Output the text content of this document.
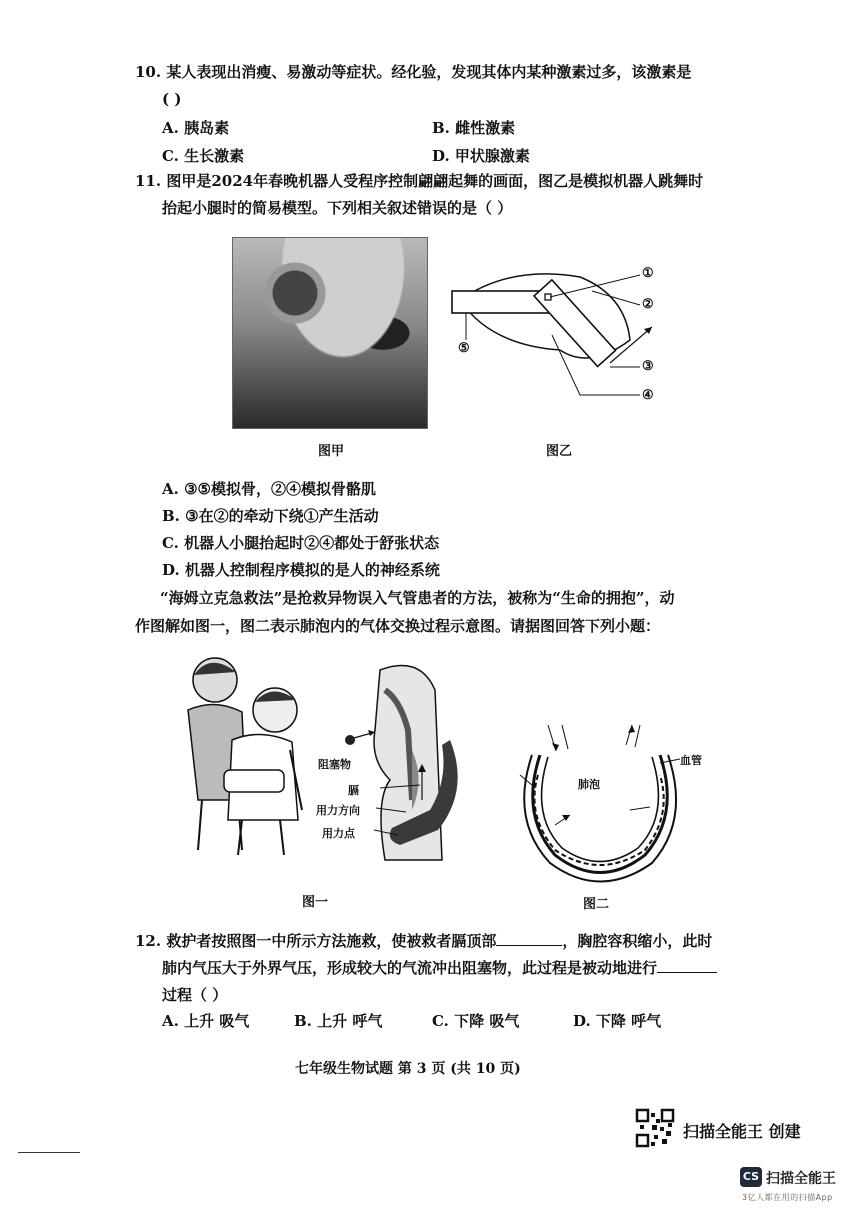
10. 某人表现出消瘦、易激动等症状。经化验，发现其体内某种激素过多，该激素是
( )
A. 胰岛素	B. 雌性激素
C. 生长激素	D. 甲状腺激素
11. 图甲是2024年春晚机器人受程序控制翩翩起舞的画面，图乙是模拟机器人跳舞时
抬起小腿时的简易模型。下列相关叙述错误的是（ ）
图甲
①
②
③
④
⑤
图乙
A. ③⑤模拟骨，②④模拟骨骼肌
B. ③在②的牵动下绕①产生活动
C. 机器人小腿抬起时②④都处于舒张状态
D. 机器人控制程序模拟的是人的神经系统
“海姆立克急救法”是抢救异物误入气管患者的方法，被称为“生命的拥抱”，动
作图解如图一，图二表示肺泡内的气体交换过程示意图。请据图回答下列小题：
阻塞物
膈
用力方向
用力点
图一
肺泡
血管
图二
12. 救护者按照图一中所示方法施救，使被救者膈顶部	，胸腔容积缩小，此时
肺内气压大于外界气压，形成较大的气流冲出阻塞物，此过程是被动地进行
过程（ ）
A. 上升 吸气	B. 上升 呼气	C. 下降 吸气	D. 下降 呼气
七年级生物试题 第 3 页 (共 10 页)
扫描全能王 创建
CS 扫描全能王
3亿人都在用的扫描App
